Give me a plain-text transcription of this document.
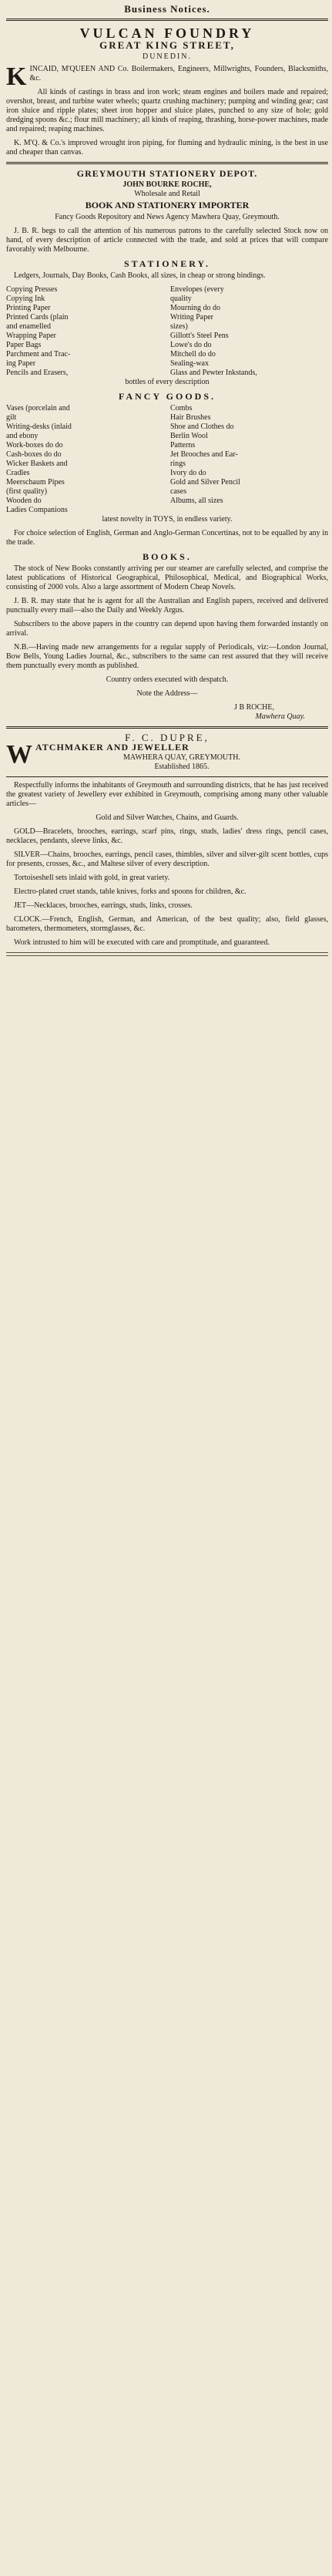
Business Notices.
VULCAN FOUNDRY
GREAT KING STREET,
DUNEDIN.

KINCAID, M'QUEEN AND Co. Boilermakers, Engineers, Millwrights, Founders, Blacksmiths, &c.

All kinds of castings in brass and iron work; steam engines and boilers made and repaired; overshot, breast, and turbine water wheels; quartz crushing machinery; pumping and winding gear; cast iron sluice and ripple plates; sheet iron hopper and sluice plates, punched to any size of hole; gold dredging spoons &c.; flour mill machinery; all kinds of reaping, thrashing, horse-power machines, made and repaired; reaping machines.

K. M'Q. & Co.'s improved wrought iron piping, for fluming and hydraulic mining, is the best in use and cheaper than canvas.

GREYMOUTH STATIONERY DEPOT.
JOHN BOURKE ROCHE,
Wholesale and Retail
BOOK AND STATIONERY IMPORTER

Fancy Goods Repository and News Agency Mawhera Quay, Greymouth.

J. B. R. begs to call the attention of his numerous patrons to the carefully selected Stock now on hand, of every description of article connected with the trade, and sold at prices that will compare favorably with Melbourne.

STATIONERY.

Ledgers, Journals, Day Books, Cash Books, all sizes, in cheap or strong bindings.

Copying Presses	Envelopes (every
Copying Ink	quality
Printing Paper	Mourning do do
Printed Cards (plain	Writing Paper
and enamelled	sizes)
Wrapping Paper	Gillott's Steel Pens
Paper Bags	Lowe's do do
Parchment and Trac-	Mitchell do do
ing Paper	Sealing-wax
Pencils and Erasers,	Glass and Pewter Inkstands,
bottles of every description
FANCY GOODS.
Vases (porcelain and	Combs
gilt	Hair Brushes
Writing-desks (inlaid	Shoe and Clothes do
and ebony	Berlin Wool
Work-boxes do do	Patterns
Cash-boxes do do	Jet Brooches and Ear-
Wicker Baskets and	rings
Cradles	Ivory do do
Meerschaum Pipes	Gold and Silver Pencil
(first quality)	cases
Wooden do	Albums, all sizes
Ladies Companions
latest novelty in TOYS, in endless variety.

For choice selection of English, German and Anglo-German Concertinas, not to be equalled by any in the trade.

BOOKS.

The stock of New Books constantly arriving per our steamer are carefully selected, and comprise the latest publications of Historical Geographical, Philosophical, Medical, and Biographical Works, consisting of 2000 vols. Also a large assortment of Modern Cheap Novels.

J. B. R. may state that he is agent for all the Australian and English papers, received and delivered punctually every mail—also the Daily and Weekly Argus.

Subscribers to the above papers in the country can depend upon having them forwarded instantly on arrival.

N.B.—Having made new arrangements for a regular supply of Periodicals, viz:—London Journal, Bow Bells, Young Ladies Journal, &c., subscribers to the same can rest assured that they will receive them punctually every month as published.

Country orders executed with despatch.

Note the Address—

J B ROCHE,
Mawhera Quay.
F. C. DUPRE,

WATCHMAKER AND JEWELLER

MAWHERA QUAY, GREYMOUTH.
Established 1865.

Respectfully informs the inhabitants of Greymouth and surrounding districts, that he has just received the greatest variety of Jewellery ever exhibited in Greymouth, comprising among many other valuable articles—

Gold and Silver Watches, Chains, and Guards.

GOLD—Bracelets, brooches, earrings, scarf pins, rings, studs, ladies' dress rings, pencil cases, necklaces, pendants, sleeve links, &c.

SILVER—Chains, brooches, earrings, pencil cases, thimbles, silver and silver-gilt scent bottles, cups for presents, crosses, &c., and Maltese silver of every description.

Tortoiseshell sets inlaid with gold, in great variety.

Electro-plated cruet stands, table knives, forks and spoons for children, &c.

JET—Necklaces, brooches, earrings, studs, links, crosses.

CLOCK.—French, English, German, and American, of the best quality; also, field glasses, barometers, thermometers, stormglasses, &c.

Work intrusted to him will be executed with care and promptitude, and guaranteed.
